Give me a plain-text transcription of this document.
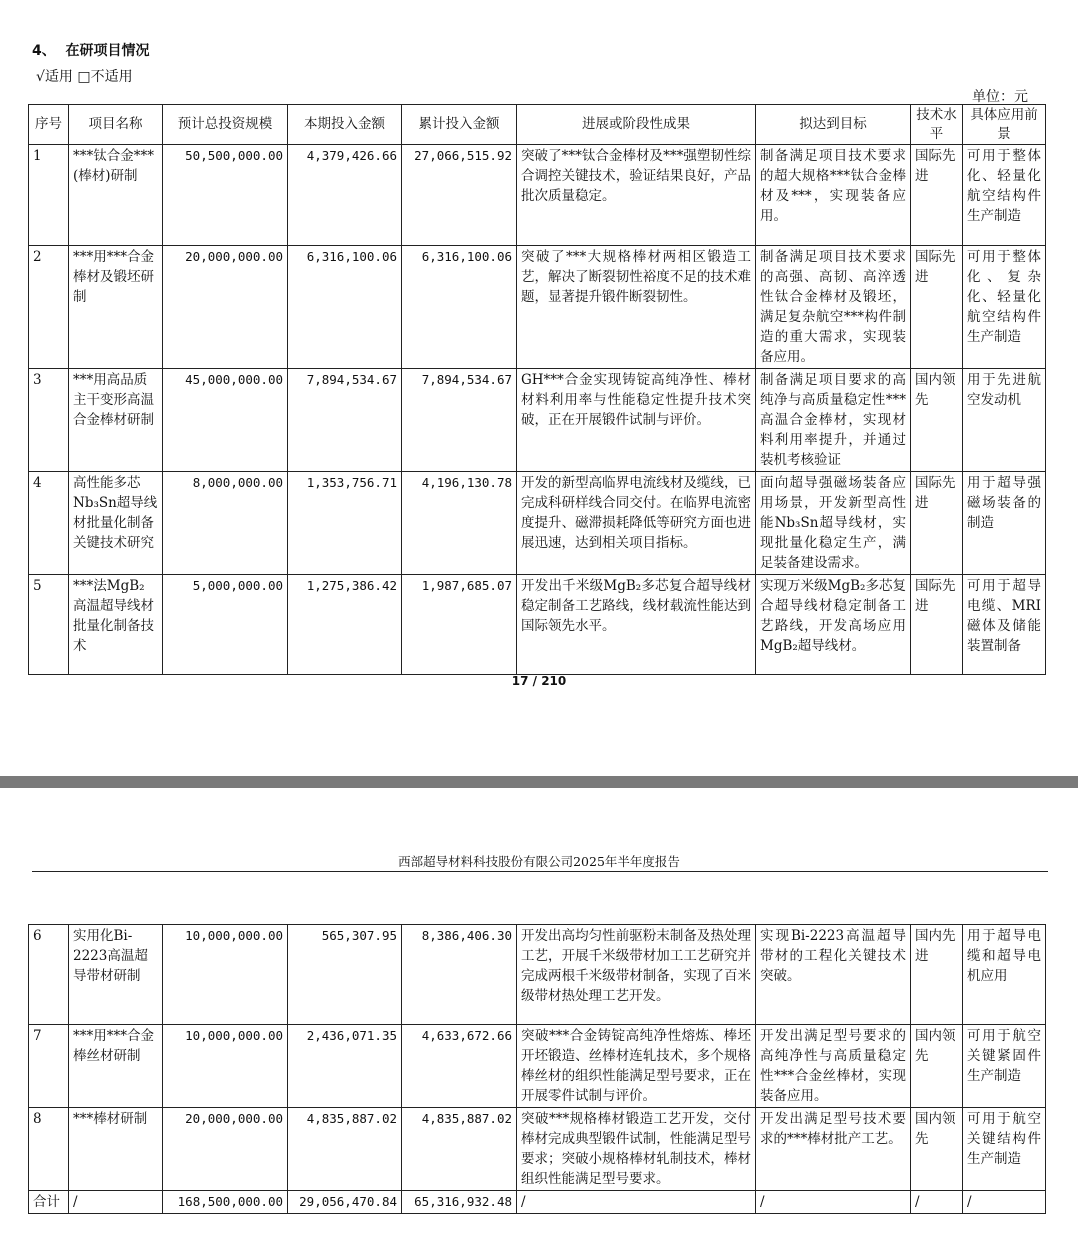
4、 在研项目情况
√适用 □不适用
单位：元
序号	项目名称	预计总投资规模	本期投入金额	累计投入金额	进展或阶段性成果	拟达到目标	技术水平	具体应用前景
1	***钛合金***(棒材)研制	50,500,000.00	4,379,426.66	27,066,515.92	突破了***钛合金棒材及***强塑韧性综合调控关键技术，验证结果良好，产品批次质量稳定。	制备满足项目技术要求的超大规格***钛合金棒材及***，实现装备应用。	国际先进	可用于整体化、轻量化航空结构件生产制造
2	***用***合金棒材及锻坯研制	20,000,000.00	6,316,100.06	6,316,100.06	突破了***大规格棒材两相区锻造工艺，解决了断裂韧性裕度不足的技术难题，显著提升锻件断裂韧性。	制备满足项目技术要求的高强、高韧、高淬透性钛合金棒材及锻坯，满足复杂航空***构件制造的重大需求，实现装备应用。	国际先进	可用于整体化、复杂化、轻量化航空结构件生产制造
3	***用高品质主干变形高温合金棒材研制	45,000,000.00	7,894,534.67	7,894,534.67	GH***合金实现铸锭高纯净性、棒材材料利用率与性能稳定性提升技术突破，正在开展锻件试制与评价。	制备满足项目要求的高纯净与高质量稳定性***高温合金棒材，实现材料利用率提升，并通过装机考核验证	国内领先	用于先进航空发动机
4	高性能多芯Nb₃Sn超导线材批量化制备关键技术研究	8,000,000.00	1,353,756.71	4,196,130.78	开发的新型高临界电流线材及缆线，已完成科研样线合同交付。在临界电流密度提升、磁滞损耗降低等研究方面也进展迅速，达到相关项目指标。	面向超导强磁场装备应用场景，开发新型高性能Nb₃Sn超导线材，实现批量化稳定生产，满足装备建设需求。	国际先进	用于超导强磁场装备的制造
5	***法MgB₂高温超导线材批量化制备技术	5,000,000.00	1,275,386.42	1,987,685.07	开发出千米级MgB₂多芯复合超导线材稳定制备工艺路线，线材载流性能达到国际领先水平。	实现万米级MgB₂多芯复合超导线材稳定制备工艺路线，开发高场应用MgB₂超导线材。	国际先进	可用于超导电缆、MRI磁体及储能装置制备
17 / 210
西部超导材料科技股份有限公司2025年半年度报告
6	实用化Bi-2223高温超导带材研制	10,000,000.00	565,307.95	8,386,406.30	开发出高均匀性前驱粉末制备及热处理工艺，开展千米级带材加工工艺研究并完成两根千米级带材制备，实现了百米级带材热处理工艺开发。	实现Bi-2223高温超导带材的工程化关键技术突破。	国内先进	用于超导电缆和超导电机应用
7	***用***合金棒丝材研制	10,000,000.00	2,436,071.35	4,633,672.66	突破***合金铸锭高纯净性熔炼、棒坯开坯锻造、丝棒材连轧技术，多个规格棒丝材的组织性能满足型号要求，正在开展零件试制与评价。	开发出满足型号要求的高纯净性与高质量稳定性***合金丝棒材，实现装备应用。	国内领先	可用于航空关键紧固件生产制造
8	***棒材研制	20,000,000.00	4,835,887.02	4,835,887.02	突破***规格棒材锻造工艺开发，交付棒材完成典型锻件试制，性能满足型号要求；突破小规格棒材轧制技术，棒材组织性能满足型号要求。	开发出满足型号技术要求的***棒材批产工艺。	国内领先	可用于航空关键结构件生产制造
合计	/	168,500,000.00	29,056,470.84	65,316,932.48	/	/	/	/
